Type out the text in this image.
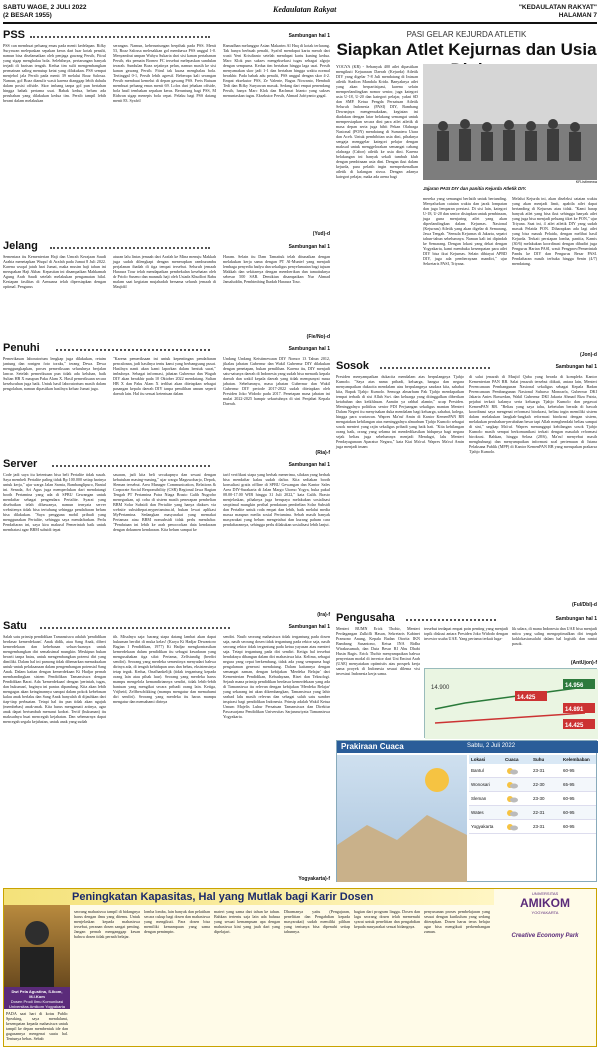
SABTU WAGE, 2 JULI 2022
(2 BESAR 1955)
Kedaulatan Rakyat	"KEDAULATAN RAKYAT"
HALAMAN 7
PSS	Sambungan hal 1
PSS can membuat peluang emas pada menit kedelapan. Rifky Suryawan melepaskan sepakan keras dari luar kotak penalti, namun bisa diselamatkan oleh penjaga gawang Persib, Fitrul yang sigap menghalau bola. Selebihnya, pertarungan banyak terjadi di barisan tengah. Kedua tim sulit mengembangkan permainan saling menutup ketat yang dilakukan. PSS sempat menjebol jala Persib pada menit 39 melalui Boaz Salossa. Namun, gol Boaz dianulir wasit karena dianggap lebih dahulu dalam posisi offside. Skor imbang tanpa gol pun bertahan hingga babak pertama usai. Babak kedua, belum ada perubahan yang dilakukan kedua tim. Persib tampil lebih berani dalam melakukan
serangan. Namun, keberuntungan berpihak pada PSS. Menit 53, Boaz Salossa melesakkan gol membawa PSS unggul 1-0. Menyambut umpan Wahyu Sukarta dari sisi kanan pertahanan Persib, eks pemain Borneo FC tersebut melepaskan sundulan terarah. Sundulan Boaz sejatinya pelan, namun masih ke sisi kanan gawang Persib. Fitrul tak kuasa menghalau bola. Tertinggal 0-1, Persib lebih agresif. Beberapa kali serangan Persib membuat kemelut di depan gawang PSS. Frets Butuan membuat peluang emas menit 69. Lolos dari jebakan offside, bola hasil tembakan sepakan keras. Beruntung bagi PSS, M Ridwan sigap menepis bola cepat. Pelaku bagi PSS datang menit 83. Syafril
Ramadhan melanggar Asian Makarim Al Haq di kotak terlarang. Tak hanya berbuah penalti, Syafril mendapat kartu merah dari wasit Yeni Krisdianto setelah mendapat kartu kuning kedua. Marc Klok pun sukses mengeksekusi tugas sebagai algojo dengan sempurna. Kedua tim bertahan hingga laga usai. Persib menyamakan skor jadi 1-1 dan bertahan hingga waktu normal berakhir. Pada babak adu penalti, PSS unggul dengan skor 4-2. Empat eksekutor PSS, Ze Valente, Bagus Nirwanto, Hembali Tedi dan Rifky Suryawan masuk. Sedang dari empat penendang Persib, hanya Marc Klok dan Rachmat Irianto yang sukses menuntaskan tugas. Eksekutor Persib, Ahmad Jufriyanto gagal.
(Yud)-d
PASI GELAR KEJURDA ATLETIK
Siapkan Atlet Kejurnas dan Usia
YOGYA (KR) - Sebanyak 400 atlet dipastikan mengikuti Kejuaraan Daerah (Kejurda) Atletik DIY yang digelar 7-8 Juli mendatang di Intasan atletik Stadion Mandala Krida. Banyaknya atlet yang akan berpartisipasi, karena selain memperlandingkan nomor senior, juga kategori usia U-18, U-20 dan kategori pelajar, yakni SD dan SMP. Ketua Pengda Persatuan Atletik Seluruh Indonesia (PASI) DIY, Bambang Dewanjaya mengemukakan, kegiatan ini diadakan dengan latar belakang semangat untuk mempersiapkan secara dini para atlet atletik di masa depan serta juga bibit Pekan Olahraga Nasional (PON) mendatang di Sumatera Utara dan Aceh. Untuk pembibitan usia dini, pihaknya sengaja menggelar kategori pelajar dengan maksud untuk menggelorakan semangat cabang olahraga (Cabor) atletik ke usia dini. Karena belakangan ini banyak sekali tumbuh klub dengan pembinaan usia dini. Dengan ikut dalam kejurda, para pelatih ingin memperkenalkan atletik di kalangan siswa. Dengan adanya kategori pelajar, maka ada arena bagi
KR-istimewa
Jajaran PASI DIY dan panitia Kejurda Atletik DIY.
mereka yang semangat berlatih untuk bertanding. Menyalurkan catatan waktu dan jarak lompatan dan juga lemparan prestasi. Di sisi lain, kategori U-18, U-20 dan senior disiapkan untuk pembinaan, juga guna menjaring atlet yang akan diperlandingkan dalam Kejurnas. Nasional (Kejurnas) Atletik yang akan digelar di Semarang, Jawa Tengah. "Semula Kejurnas di Jakarta, sepatri tahun-tahun sebelumnya. Namun kali ini dipindah ke Semarang. Dengan lokasi yang dekat dengan Yogyakarta, kami membuka kesempatan para atlet DIY bisa ikut Kejurnas. Selain dibiayai APBD DIY, juga ada pemberayaan mandiri," ujar Sekretaris PASI, Triyana.
Melalui Kejurda ini, akan diseleksi catatan waktu yang akan menjadi limit, apabila atlet dapat bertanding di Kejurnas atau tidak. "Kami harap banyak atlet yang bisa ikut sehingga banyak atlet yang juga bisa menjadi peluang tiket ke PON," ujar Triyana. Saat ini, 4 atlet atletik DIY yang sudah masuk Pelatda PON. Diharapkan ada lagi atlet yang bisa masuk Pelatda, dengan melihat hasil Kejurda. Terkait persiapan lomba, panitia, Kamis (30/6) melakukan koordinasi dengan dihadiri juga Pengurus Harian PASI, wasit Pengprov/Pemerintah Pandu ke DIY dan Pengurus Besar PASI. Pendaftaran masih terbuka hingga Senin (4/7) mendatang.
(Jon)-d
Jelang	Sambungan hal 1
Sementara itu Kementerian Haji dan Umrah Kerajaan Saudi Arabia menetapkan Wuquf di Arafah pada Jumat 8 Juli 2022. Karena wuquf jatuh hari Jumat, maka musim haji tahun ini merupakan Haji Akbar. Kepastian ini disampaikan Mahkamah Agung Arab Saudi setelah melakukan pengamatan hilal. Kesiapan fasilitas di Armuzna telah dipersiapkan dengan optimal. Pengurus
aturan lalu lintas jemaah dari Arafah ke Mina menuju Makkah juga sudah dilengkapi dengan menerapkan ramburambu perjalanan ibadah di tiga tempat tersebut. Seluruh jemaah Haraura Tour telah mendapatkan pembekalan kesehatan oleh dr Priolo Suseno dan manasik haji oleh Ustadz Khudlori Rabu malam saat kegiatan mujahadah bersama seluruh jemaah di Masjidil
Haram. Selain itu Dam Tamattuk telah ditunaikan dengan melakukan kerja sama dengan PT Al-Munief yang menjadi lembaga penyedia hadyu dan sekaligus penyelamatan bagi tujuan Makkah dan sekitarnya dengan memberikan dan tamattuknya sebesar 500 SAR. Demikian disampaikan Nur Ahmad Jamaluddin, Pembimbing Ibadah Haraura Tour.
(Fie/No)-d
Penuhi	Sambungan hal 1
Pemerikasan laboratorium lengkap juga dilakukan, retaim jantung dan rontgen foto toraks," terang Dewa. Dewa menggungkapkan, proses pemeriksaan seluruhnya berjalan lancar. Setelah pemeriksaan pun tidak ada keluhan, baik Sultan HB X maupun Paku Alam X. Hasil pemeriksaan secara keseluruhan juga baik. Untuk hasil laboratorium masih dalam pengolahan, namun dipastikan hasilnya keluar Jumat juga.
"Karena pemeriksaan ini untuk kepentingan pendaftaran pencalonan, jadi hasilnya tentu kami yang berbangsung pusat. Hasilnya nanti akan kami laporkan dalam bentuk surat," imbuhnya. Sebagai informasi, jabatan Gubernur dan Wagub DIY akan berakhir pada 10 Oktober 2022 mendatang. Sultan HB X dan Paku Alam X terlihat akan ditetapkan sebagai pasangan kepala daerah DIY tanpa pemilihan umum seperti daerah lain. Hal itu sesuai ketentuan dalam
Undang Undang Keistimewaan DIY Nomor 13 Tahun 2012, jikalau jabatan Gubernur dan Wakil Gubernur DIY dilakukan dengan penetapan, bukan pemilihan. Karena itu, DIY menjadi satu-satunya daerah di Indonesia yang sudah bisa menarik kepala daerah dan wakil kepala daerah yang tidak mempunyai masa jabatan. Sebelumnya, masa jabatan Gubernur dan Wakil Gubernur DIY periode 2017-2022 sudah ditetapkan oleh Presiden Joko Widodo pada 2017. Penetapan masa jabatan ini mulai 2022-2025 hampir sekurtuhnya di sini Penjabat Kepala Daerah.
(Ria)-f
Sosok	Sambungan hal 1
Presiden menyampaikan dukacita mendalam atas berpulangnya Tjahjo Kumolo. "Saya atas nama pribadi, keluarga, bangsa dan negara menyampaikan dukacita mendalam atas berpulangnya saudara kita, sahabat kita, Bapak Tjahjo Kumolo. Semoga almarhum Pak Tjahjo mendapatkan tempat terbaik di sisi Allah Swt. dan keluarga yang ditinggalkan diberikan ketabahan dan keikhlasan. Aamiin ya rabbal alamin," ucap Presiden. Meninggalnya politikus senior PDI Perjuangan sekaligus mantan Menteri Dalam Negeri itu menyisakan duka mendalam bagi keluarga, sahabat, kolega, hingga para wartawan. Wapres Ma'ruf Amin di Kantor KemenPAN RB mengatakan kehilangan atas meninggalnya almarhum Tjahjo Kumolo sebagai sosok menteri yang rajin sekaligus pribadi yang baik hati. "Kita kehilangan orang baik, orang yang selama ini mendedikasikan hidupnya bagi negara sejak beliau juga sebelumnya menjadi Mendagri, lalu Menteri Pendayagunaan Aparatur Negara," kata Kiai Ma'ruf. Wapres Ma'ruf Amin juga menjadi imam
di salat jenazah di Masjid Quba yang berada di kompleks Kantor Kementerian PAN RB. Salat jenazah tersebut diikuti, antara lain, Menteri Perencanaan Pembangunan Nasional sekaligus sebagai Kepala Badan Perencanaan Pembangunan Nasional Suharso Monoarfa, Gubernur DKI Jakarta Anies Baswedan, Wakil Gubernur DKI Jakarta Ahmad Riza Patria, pejabat terkait kalanya serta keluarga Tjahjo Kumolo dan pegawai KemenPAN RB. "Beliau yang saya tahu, kebetulan berada di bawah koordinasi saya mengenai reformasi birokrasi, beliau ingin memiliki sistem dalam melakukan langkah-langkah reformasi birokrasi dengan sistem, melakukan perubahan-perubahan besar tapi Allah menghendaki beliau sampai di sini," ungkap Ma'ruf. Wapres menanggapi kehilangan sosok Tjahjo Kumolo masih sempat berkomunikasi terkait dengan masalah reformasi birokrasi. Bahkan, hingga Selasa (28/6), Ma'ruf menyebut masih menghubungi dan menyampaikan informasi soal pertemuan di Istana Pelaksana Publik (MPP) di Kantor KemenPAN RB yang merupakan prakarsa Tjahjo Kumolo.
(Ful/Dbl)-d
Server	Sambungan hal 1
Code jadi saya itu ketentuan bisa beli Pertalite tidak susah. Saya membeli Pertalite paling tidak Rp 100.000 setiap harinya untuk kerja," ujar warga Jalan Sarnia, Bambanglipuro, Bantul ini. Senada, Ari Agus juga memperlukan dari mendatangi booth Pertamina yang ada di SPBU Gewangan untuk mendaftar sebagai pengendara Pertalite. Syarat yang disebutkan telah dibawanya, namun ternyata server websitenya tidak bisa tertuhung sehingga pendaftaran belum bisa dilakukan. "Saya pengguna mobil pribadi yang menggunakan Pertalite, sehingga saya mendaftarkan. Perlu Pendaftaran ini, saya kira makusd Pemerintah baik untuk membatasi agar BBM subsidi tepat
sasaran, jadi kita beli secukupnya dan sesuai dengan kebutuhan masing-masing," ujar warga Maguwoharjo, Depok, Sleman tersebut. Area Manager Communication, Relations & Corporate Social Responsibility (CSR) Regional Jawa Bagian Tengah PT Pertamina Patra Niaga Brasto Galih Nugroho menegaskan, uji coba di sistem masih penerapan pembelian BBM Solar Subsidi dan Pertalite yang hanya diakses via website subsidtepat.mypertamina.id, bukan lewat aplikasi MyPertamina. Sedangkan masyarakat yang memakai Pertamax atau BBM nonsubsidi tidak perlu mendaftar. "Pendataan ini lebih ke arah pencocokan data kendaraan dengan dokumen kendaraan. Kita belum sampai ke
tarif verifikasi siapa yang berhak menerima, silakan yang berhak bisa mendaftar kalau sudah daftar. Kita sediakan booth konsultasi gratis offline di SPBU Gewangan dan Kantor Sales Area DIY-Surakarta di Jalan Margo Utomo Yogya, buka pukul 08.00-17.00 WIB hingga 31 Juli 2022," kata Galih. Brasto menjelaskan, pihaknya juga berupaya melakukan sosialisasi seoptimal mungkin perihal pendataan pembelian Solar Subsidi dan Pertalite untuk roda empat dan lebih, baik melalui media massa maupun media sosial Pertamina. Sebab masih banyak masyarakat yang belum mengetahui dan kurang paham cara pendaftarannya, sehingga perlu dilakukan sosialisasi lebih lanjut.
(Ira)-f
Satu	Sambungan hal 1
Salah satu prinsip pendidikan Tamansiswa adalah 'pendidikan berdasar kemerdekaan'. Anak didik, atau Sang Anak, diberi kemerdekaan dan kebebasan seluas-luasnya untuk mengembangkan diri semaksimal mungkin. Meskipun bukan berarti tanpa batas, untuk mengembangkan potensi diri yang dimiliki. Dalam hal ini pamong tidak dibenarkan memaksakan untuk-untuk pelaksanaan dalam pengembangan potensial Sang Anak. Dalam kaitan dengan kemerdekaan Ki Hadjar pernah membandingkan sistem Pendidikan Tamansiswa dengan Pendidikan Barat. Ada 'kemerdekaan' dengan 'perintah, tugas, dan hukuman', baginya ini pantas dipandang. Kita akan lebih mengagas akan keinginannya sampai dalam pokok kebebasan kalau anak berlaku dan Sang Anak hanyalah di dijauhkan dari tiap-tiap perbuatan. Tetapi hal itu pun tidak akan ngajuk (membebas) anak-anak. Kita harus mengamati artinya, agar anak dapat bertumbuh menurut kodrat. Tertif (hukuman) itu maksudnya buat mencegah kejahatan. Dan sebenarnya dapat mencegah segala kejahatan, untuk anak yang sudah
tih. Misalnya saja: barang siapa datang lambat akan dapat hukuman berdiri di muka kelas! (Karya Ki Hadjar Dewantoro Bagian I Pendidikan, 1977) Ki Hadjar mengkontrasikan kemerdekaan dalam pendidikan itu sebagai kesadaran yang mengusahakan tiga sifat: Pertama, Zelfstandig (berdiri sendiri). Seorang yang merdeka semestinya menyadari bahwa dirinya ada, di tengah kehidupan arus dan bebas, eksistensinya tetap tegak. Kedua, Onafhankelijk (tidak tergantung kepada orang lain atau pihak luar). Seorang yang merdeka harus mampu mengelola kemandiriannya sendiri, tidak lebih-lebih bantuan yang mengikat secara pribadi orang lain. Ketiga, Vrijheid, Zelfbeschikking (mampu mengatur dan memahami diri sendiri). Seorang yang merdeka itu harus mampu mengatur dan memahami dirinya
sendiri. Nasib seorang mahasiswa tidak tergantung pada dosen saja, nasib seorang dosen tidak tergantung pada rektor saja, nasib seorang rektor tidak tergantung pada ketua yayasan atau menteri saja. Tetapi tergantung pada diri sendiri. Ketiga hal tersebut hendaknya dibangun dalam diri mahasiswa kita. Kelima, sebagai negara yang cepat berkembang, tidak ada yang sempurna bagi pengalaman generasi mendatang. Dalam kaitannya dengan semangat zaman, dengan kebijakan 'Merdeka Belajar' dari Kementerian Pendidikan, Kebudayaan, Riset dan Teknologi. Sejauh mana prinsip pendidikan berdasar kemerdekaan yang ada di Tamansiswa itu relevan dengan kebijakan 'Merdeka Belajar' yang sekarang ini akan dikembangkan, Tamansiswa yang lahir seabad lalu masih relevan dan sebagai salah satu sumber inspirasi bagi pendidikan Indonesia. Prinsip adalah Wakil Ketua Umum Majelis Luhur Persatuan Tamansiswa dan Direktur Pascasarjana Pendidikan Universitas Sarjanawiyata Tamansiswa Yogyakarta.
Yogyakarta)-f
Pengusaha	Sambungan hal 1
Menteri BUMN Erick Thohir, Menteri Perdagangan Zulkifli Hasan, Sekretaris Kabinet Pramono Anung, Kepala Badan Otorita IKN Bambang Susantono, Ketua INA Ridha Wirakusumah, dan Duta Besar RI Abu Dhabi Husin Bagis. Erick Thohir menyampaikan bahwa penyertaan modal di investor dari Uni Emirat Arab (UAE) menyatakan optimistis atas prospek kerja sama proyek di Indonesia sesuai dilema visi investasi Indonesia kerja sama.
tersebut terdapat empat poin penting yang menjadi topik diskusi antara Presiden Joko Widodo dengan investor usaha UAE. Yang pertama terkait luga-
lik udara, di mana Indonesia dan UAE bisa menjadi mitra yang saling mengoptimalkan diri tengah koklokasiassalahi dalam hal logistik dan rantai pasok.
(AntUjon)-f
14.900	14.956
14.891
14.425
14.425
Prakiraan Cuaca	Sabtu, 2 Juli 2022
Lokasi	Cuaca	Suhu	Kelembaban
Bantul	23-31	60-95
Wonosari	22-30	65-95
Sleman	23-30	60-95
Wates	22-31	60-95
Yogyakarta	23-31	60-95
Peningkatan Kapasitas, Hal yang Mutlak bagi Karir Dosen
Dwi Pela Agustina, S.Ikom, M.I.Kom
Dosen Prodi Ilmu Komunikasi Universitas Amikom Yogyakarta
PADA saat hari di kotas Public Speaking, saya mendalami, kesempatan kepada mahasiswa untuk tampil ke depan membentuk ide dan gagasannya mengenai suatu hal. Tentunya bebas. Sebab
seorang mahasiswa tampil di bidangnya harus dengan ilmu yang ditemu. Untuk menjelaskan kepada mahasiswa tersebut, peranan dosen sangat penting. Jangan pernah menganggap kesan bahwa dosen tidak pernah belajar.
lomba lomba, lain banyak dan pelatihan secara cukup bagi dosen dan mahasiswa yang mengikuti. Para dosen bisa memiliki kemampuan yang sama dengan pemimpin.
materi yang sama dari tahun ke tahun. Bahkan tertentu saja lain ada bahasa yang sesuai kemampuan apa dengan mahasiswa kini yang jauh dari yang dipelajari.
Dharmanya yaitu (Pengajaran, penelitian dan Pengabdian kepada masyarakat) sudah memiliki pilihan yang tentunya bisa dipenuhi setiap tahunnya.
bagian dari program lingga. Dosen dan lagu seorang dosen telah memenuhi syarat untuk penelitian dan pengabdian kepada masyarakat sesuai bidangnya.
penyusunan proses pembelajaran yang sesuai dengan kurikulum yang sedang diterapkan. Dosen harus terus belajar agar bisa mengikuti perkembangan zaman.
UNIVERSITAS
AMIKOM
YOGYAKARTA
Creative Economy Park
